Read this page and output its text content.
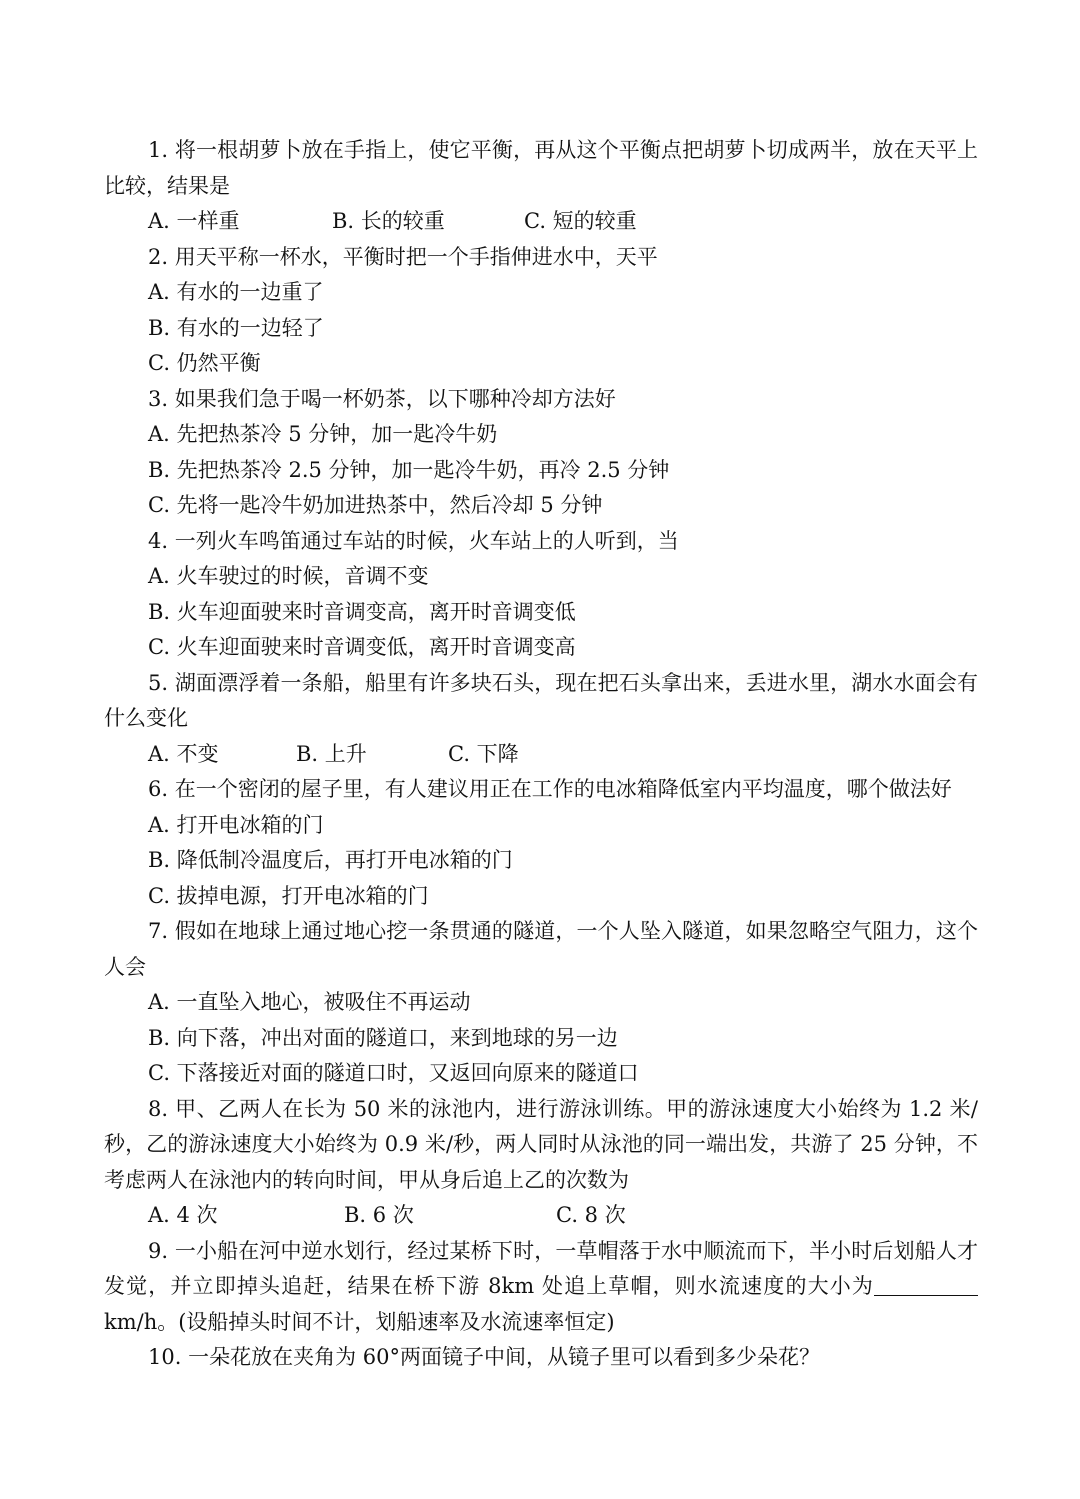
1. 将一根胡萝卜放在手指上，使它平衡，再从这个平衡点把胡萝卜切成两半，放在天平上比较，结果是

A. 一样重	B. 长的较重	C. 短的较重
2. 用天平称一杯水，平衡时把一个手指伸进水中，天平
A. 有水的一边重了
B. 有水的一边轻了
C. 仍然平衡
3. 如果我们急于喝一杯奶茶，以下哪种冷却方法好
A. 先把热茶冷 5 分钟，加一匙冷牛奶
B. 先把热茶冷 2.5 分钟，加一匙冷牛奶，再冷 2.5 分钟
C. 先将一匙冷牛奶加进热茶中，然后冷却 5 分钟
4. 一列火车鸣笛通过车站的时候，火车站上的人听到，当
A. 火车驶过的时候，音调不变
B. 火车迎面驶来时音调变高，离开时音调变低
C. 火车迎面驶来时音调变低，离开时音调变高

5. 湖面漂浮着一条船，船里有许多块石头，现在把石头拿出来，丢进水里，湖水水面会有什么变化

A. 不变	B. 上升	C. 下降
6. 在一个密闭的屋子里，有人建议用正在工作的电冰箱降低室内平均温度，哪个做法好
A. 打开电冰箱的门
B. 降低制冷温度后，再打开电冰箱的门
C. 拔掉电源，打开电冰箱的门

7. 假如在地球上通过地心挖一条贯通的隧道，一个人坠入隧道，如果忽略空气阻力，这个人会

A. 一直坠入地心，被吸住不再运动
B. 向下落，冲出对面的隧道口，来到地球的另一边
C. 下落接近对面的隧道口时，又返回向原来的隧道口

8. 甲、乙两人在长为 50 米的泳池内，进行游泳训练。甲的游泳速度大小始终为 1.2 米/秒，乙的游泳速度大小始终为 0.9 米/秒，两人同时从泳池的同一端出发，共游了 25 分钟，不考虑两人在泳池内的转向时间，甲从身后追上乙的次数为

A. 4 次	B. 6 次	C. 8 次

9. 一小船在河中逆水划行，经过某桥下时，一草帽落于水中顺流而下，半小时后划船人才发觉，并立即掉头追赶，结果在桥下游 8km 处追上草帽，则水流速度的大小为 km/h。(设船掉头时间不计，划船速率及水流速率恒定)

10. 一朵花放在夹角为 60°两面镜子中间，从镜子里可以看到多少朵花？
